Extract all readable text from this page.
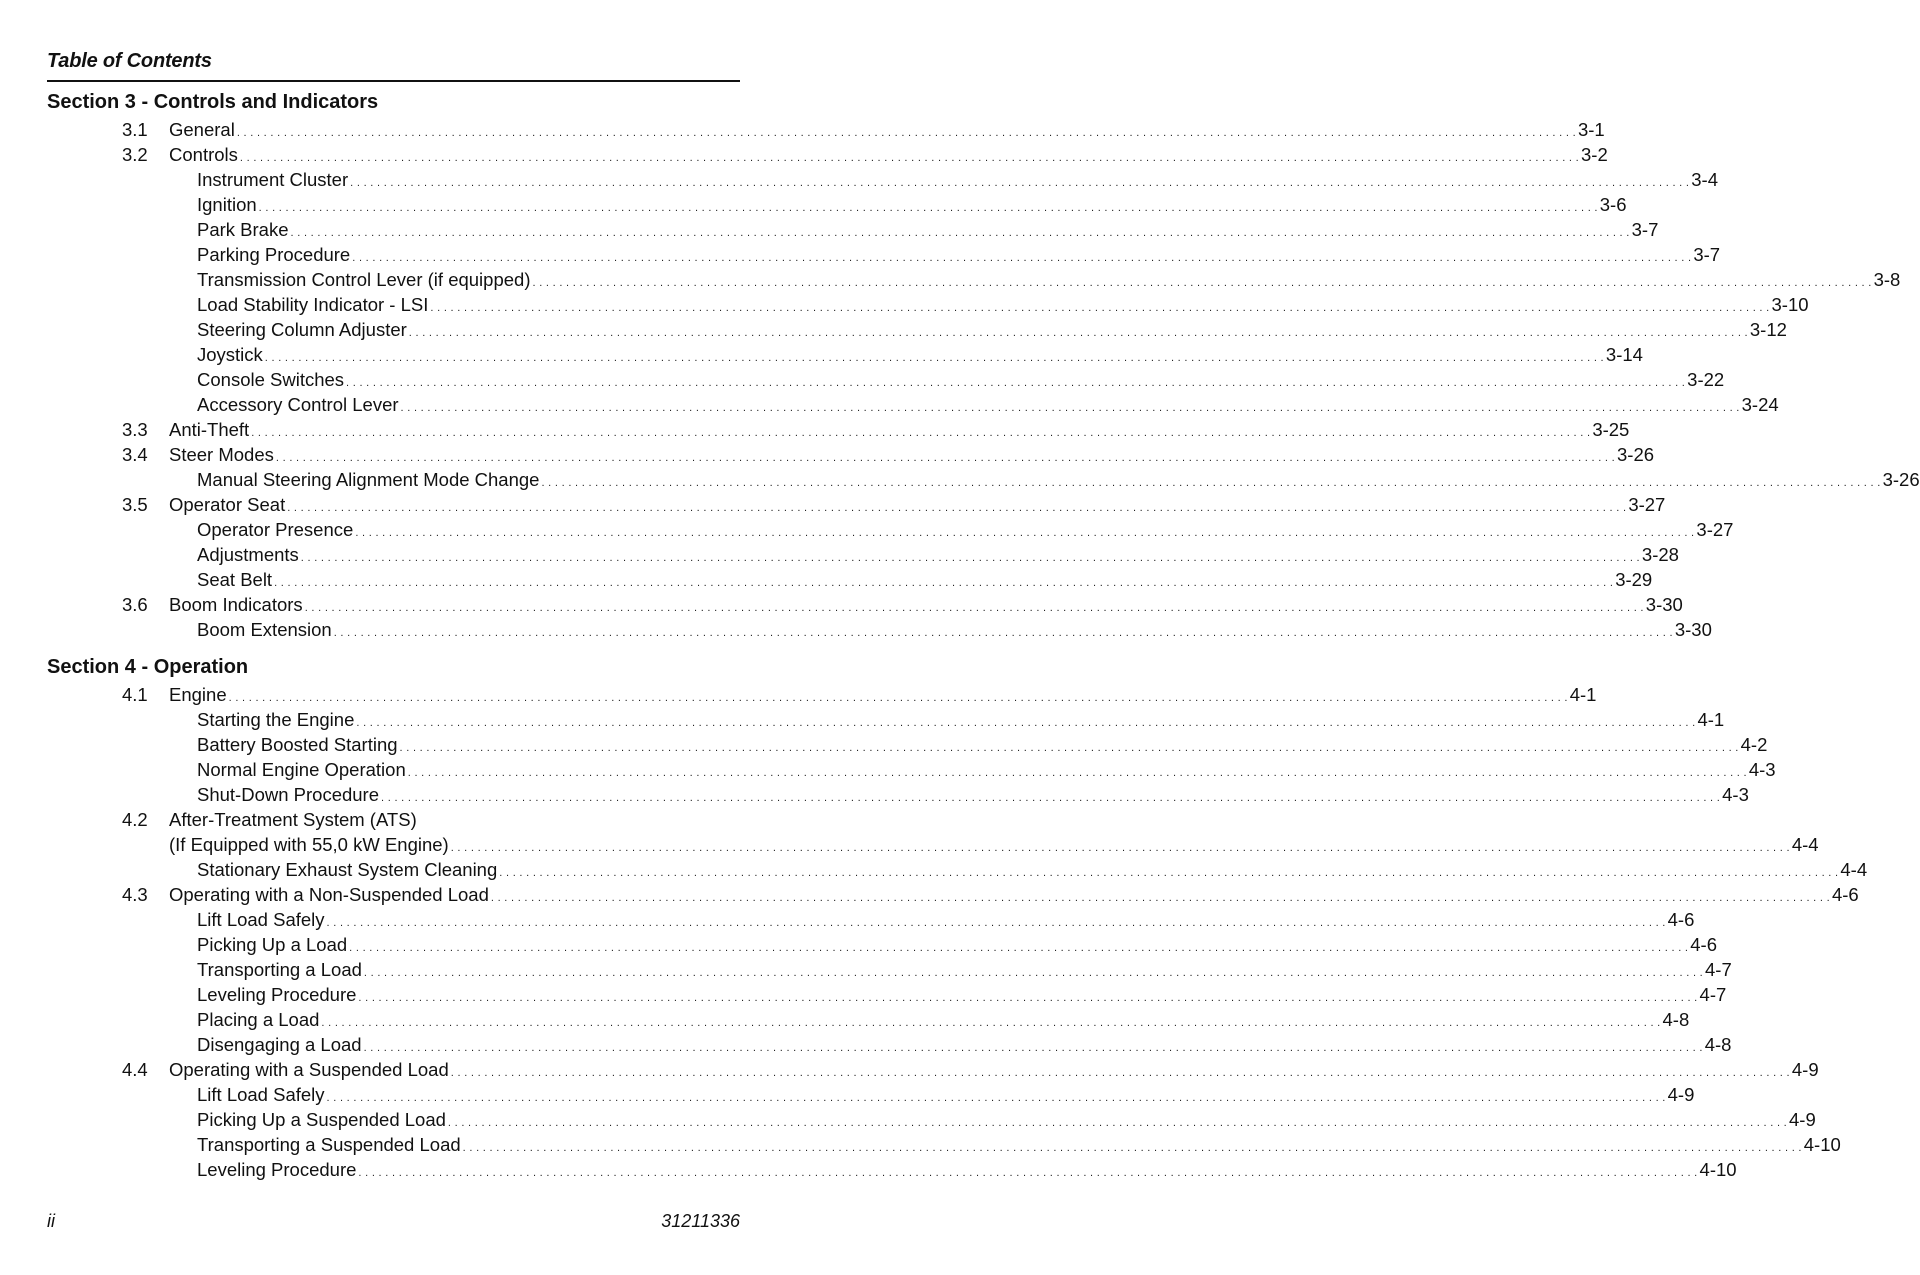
Table of Contents
Section 3 - Controls and Indicators
3.1 General . . . . . . . . . . . . . . . . . . . . . . . . . . . . . . . . . . . . . . . . . . . . . . . . . . . . . . . . . . . . . . . . . . . . . . . . . . . . . . . . . . . . . . . . . . . . . . . . . . . . . . . . . . . . . . . . . . . . . . . . . . . . . . . . . . . . . . . . . . . . . . . . . . . . . . . . . . . . . . . . . . . . . . . . . . . . . . . . . . . . . . . . . . . . . . . . . . . . . . . . 3-1
3.2 Controls . . . . . . . . . . . . . . . . . . . . . . . . . . . . . . . . . . . . . . . . . . . . . . . . . . . . . . . . . . . . . . . . . . . . . . . . . . . . . . . . . . . . . . . . . . . . . . . . . . . . . . . . . . . . . . . . . . . . . . . . . . . . . . . . . . . . . . . . . . . . . . . . . . . . . . . . . . . . . . . . . . . . . . . . . . . . . . . . . . . . . . . . . . . . . . . . . . . . . . . . 3-2
Instrument Cluster . . . . . . . . . . . . . . . . . . . . . . . . . . . . . . . . . . . . . . . . . . . . . . . . . . . . . . . . . . . . . . . . . . . . . . . . . . . . . . . . . . . . . . . . . . . . . . . . . . . . . . . . . . . . . . . . . . . . . . . . . . . . . . . . . . . . . . . . . . . . . . . . . . . . . . . . . . . . . . . . . . . . . . . . . . . . . . . . . . . . . . . . . . . . . . . . . . . . . . . . 3-4
Ignition . . . . . . . . . . . . . . . . . . . . . . . . . . . . . . . . . . . . . . . . . . . . . . . . . . . . . . . . . . . . . . . . . . . . . . . . . . . . . . . . . . . . . . . . . . . . . . . . . . . . . . . . . . . . . . . . . . . . . . . . . . . . . . . . . . . . . . . . . . . . . . . . . . . . . . . . . . . . . . . . . . . . . . . . . . . . . . . . . . . . . . . . . . . . . . . . . . . . . . . . 3-6
Park Brake . . . . . . . . . . . . . . . . . . . . . . . . . . . . . . . . . . . . . . . . . . . . . . . . . . . . . . . . . . . . . . . . . . . . . . . . . . . . . . . . . . . . . . . . . . . . . . . . . . . . . . . . . . . . . . . . . . . . . . . . . . . . . . . . . . . . . . . . . . . . . . . . . . . . . . . . . . . . . . . . . . . . . . . . . . . . . . . . . . . . . . . . . . . . . . . . . . . . . . . . 3-7
Parking Procedure . . . . . . . . . . . . . . . . . . . . . . . . . . . . . . . . . . . . . . . . . . . . . . . . . . . . . . . . . . . . . . . . . . . . . . . . . . . . . . . . . . . . . . . . . . . . . . . . . . . . . . . . . . . . . . . . . . . . . . . . . . . . . . . . . . . . . . . . . . . . . . . . . . . . . . . . . . . . . . . . . . . . . . . . . . . . . . . . . . . . . . . . . . . . . . . . . . . . . . . . 3-7
Transmission Control Lever (if equipped) . . . . . . . . . . . . . . . . . . . . . . . . . . . . . . . . . . . . . . . . . . . . . . . . . . . . . . . . . . . . . . . . . . . . . . . . . . . . . . . . . . . . . . . . . . . . . . . . . . . . . . . . . . . . . . . . . . . . . . . . . . . . . . . . . . . . . . . . . . . . . . . . . . . . . . . . . . . . . . . . . . . . . . . . . . . . . . . . . . . . . . . . . . . . . . . . . . . . . . . . 3-8
Load Stability Indicator - LSI . . . . . . . . . . . . . . . . . . . . . . . . . . . . . . . . . . . . . . . . . . . . . . . . . . . . . . . . . . . . . . . . . . . . . . . . . . . . . . . . . . . . . . . . . . . . . . . . . . . . . . . . . . . . . . . . . . . . . . . . . . . . . . . . . . . . . . . . . . . . . . . . . . . . . . . . . . . . . . . . . . . . . . . . . . . . . . . . . . . . . . . . . . . . . . . . . . . . . . . . 3-10
Steering Column Adjuster . . . . . . . . . . . . . . . . . . . . . . . . . . . . . . . . . . . . . . . . . . . . . . . . . . . . . . . . . . . . . . . . . . . . . . . . . . . . . . . . . . . . . . . . . . . . . . . . . . . . . . . . . . . . . . . . . . . . . . . . . . . . . . . . . . . . . . . . . . . . . . . . . . . . . . . . . . . . . . . . . . . . . . . . . . . . . . . . . . . . . . . . . . . . . . . . . . . . . . . . 3-12
Joystick . . . . . . . . . . . . . . . . . . . . . . . . . . . . . . . . . . . . . . . . . . . . . . . . . . . . . . . . . . . . . . . . . . . . . . . . . . . . . . . . . . . . . . . . . . . . . . . . . . . . . . . . . . . . . . . . . . . . . . . . . . . . . . . . . . . . . . . . . . . . . . . . . . . . . . . . . . . . . . . . . . . . . . . . . . . . . . . . . . . . . . . . . . . . . . . . . . . . . . . . 3-14
Console Switches . . . . . . . . . . . . . . . . . . . . . . . . . . . . . . . . . . . . . . . . . . . . . . . . . . . . . . . . . . . . . . . . . . . . . . . . . . . . . . . . . . . . . . . . . . . . . . . . . . . . . . . . . . . . . . . . . . . . . . . . . . . . . . . . . . . . . . . . . . . . . . . . . . . . . . . . . . . . . . . . . . . . . . . . . . . . . . . . . . . . . . . . . . . . . . . . . . . . . . . . 3-22
Accessory Control Lever . . . . . . . . . . . . . . . . . . . . . . . . . . . . . . . . . . . . . . . . . . . . . . . . . . . . . . . . . . . . . . . . . . . . . . . . . . . . . . . . . . . . . . . . . . . . . . . . . . . . . . . . . . . . . . . . . . . . . . . . . . . . . . . . . . . . . . . . . . . . . . . . . . . . . . . . . . . . . . . . . . . . . . . . . . . . . . . . . . . . . . . . . . . . . . . . . . . . . . . . 3-24
3.3 Anti-Theft . . . . . . . . . . . . . . . . . . . . . . . . . . . . . . . . . . . . . . . . . . . . . . . . . . . . . . . . . . . . . . . . . . . . . . . . . . . . . . . . . . . . . . . . . . . . . . . . . . . . . . . . . . . . . . . . . . . . . . . . . . . . . . . . . . . . . . . . . . . . . . . . . . . . . . . . . . . . . . . . . . . . . . . . . . . . . . . . . . . . . . . . . . . . . . . . . . . . . . . . 3-25
3.4 Steer Modes . . . . . . . . . . . . . . . . . . . . . . . . . . . . . . . . . . . . . . . . . . . . . . . . . . . . . . . . . . . . . . . . . . . . . . . . . . . . . . . . . . . . . . . . . . . . . . . . . . . . . . . . . . . . . . . . . . . . . . . . . . . . . . . . . . . . . . . . . . . . . . . . . . . . . . . . . . . . . . . . . . . . . . . . . . . . . . . . . . . . . . . . . . . . . . . . . . . . . . . . 3-26
Manual Steering Alignment Mode Change . . . . . . . . . . . . . . . . . . . . . . . . . . . . . . . . . . . . . . . . . . . . . . . . . . . . . . . . . . . . . . . . . . . . . . . . . . . . . . . . . . . . . . . . . . . . . . . . . . . . . . . . . . . . . . . . . . . . . . . . . . . . . . . . . . . . . . . . . . . . . . . . . . . . . . . . . . . . . . . . . . . . . . . . . . . . . . . . . . . . . . . . . . . . . . . . . . . . . . . . 3-26
3.5 Operator Seat . . . . . . . . . . . . . . . . . . . . . . . . . . . . . . . . . . . . . . . . . . . . . . . . . . . . . . . . . . . . . . . . . . . . . . . . . . . . . . . . . . . . . . . . . . . . . . . . . . . . . . . . . . . . . . . . . . . . . . . . . . . . . . . . . . . . . . . . . . . . . . . . . . . . . . . . . . . . . . . . . . . . . . . . . . . . . . . . . . . . . . . . . . . . . . . . . . . . . . . . 3-27
Operator Presence . . . . . . . . . . . . . . . . . . . . . . . . . . . . . . . . . . . . . . . . . . . . . . . . . . . . . . . . . . . . . . . . . . . . . . . . . . . . . . . . . . . . . . . . . . . . . . . . . . . . . . . . . . . . . . . . . . . . . . . . . . . . . . . . . . . . . . . . . . . . . . . . . . . . . . . . . . . . . . . . . . . . . . . . . . . . . . . . . . . . . . . . . . . . . . . . . . . . . . . . 3-27
Adjustments . . . . . . . . . . . . . . . . . . . . . . . . . . . . . . . . . . . . . . . . . . . . . . . . . . . . . . . . . . . . . . . . . . . . . . . . . . . . . . . . . . . . . . . . . . . . . . . . . . . . . . . . . . . . . . . . . . . . . . . . . . . . . . . . . . . . . . . . . . . . . . . . . . . . . . . . . . . . . . . . . . . . . . . . . . . . . . . . . . . . . . . . . . . . . . . . . . . . . . . . 3-28
Seat Belt . . . . . . . . . . . . . . . . . . . . . . . . . . . . . . . . . . . . . . . . . . . . . . . . . . . . . . . . . . . . . . . . . . . . . . . . . . . . . . . . . . . . . . . . . . . . . . . . . . . . . . . . . . . . . . . . . . . . . . . . . . . . . . . . . . . . . . . . . . . . . . . . . . . . . . . . . . . . . . . . . . . . . . . . . . . . . . . . . . . . . . . . . . . . . . . . . . . . . . . . 3-29
3.6 Boom Indicators . . . . . . . . . . . . . . . . . . . . . . . . . . . . . . . . . . . . . . . . . . . . . . . . . . . . . . . . . . . . . . . . . . . . . . . . . . . . . . . . . . . . . . . . . . . . . . . . . . . . . . . . . . . . . . . . . . . . . . . . . . . . . . . . . . . . . . . . . . . . . . . . . . . . . . . . . . . . . . . . . . . . . . . . . . . . . . . . . . . . . . . . . . . . . . . . . . . . . . . . 3-30
Boom Extension . . . . . . . . . . . . . . . . . . . . . . . . . . . . . . . . . . . . . . . . . . . . . . . . . . . . . . . . . . . . . . . . . . . . . . . . . . . . . . . . . . . . . . . . . . . . . . . . . . . . . . . . . . . . . . . . . . . . . . . . . . . . . . . . . . . . . . . . . . . . . . . . . . . . . . . . . . . . . . . . . . . . . . . . . . . . . . . . . . . . . . . . . . . . . . . . . . . . . . . . 3-30
Section 4 - Operation
4.1 Engine . . . . . . . . . . . . . . . . . . . . . . . . . . . . . . . . . . . . . . . . . . . . . . . . . . . . . . . . . . . . . . . . . . . . . . . . . . . . . . . . . . . . . . . . . . . . . . . . . . . . . . . . . . . . . . . . . . . . . . . . . . . . . . . . . . . . . . . . . . . . . . . . . . . . . . . . . . . . . . . . . . . . . . . . . . . . . . . . . . . . . . . . . . . . . . . . . . . . . . . . 4-1
Starting the Engine . . . . . . . . . . . . . . . . . . . . . . . . . . . . . . . . . . . . . . . . . . . . . . . . . . . . . . . . . . . . . . . . . . . . . . . . . . . . . . . . . . . . . . . . . . . . . . . . . . . . . . . . . . . . . . . . . . . . . . . . . . . . . . . . . . . . . . . . . . . . . . . . . . . . . . . . . . . . . . . . . . . . . . . . . . . . . . . . . . . . . . . . . . . . . . . . . . . . . . . . 4-1
Battery Boosted Starting . . . . . . . . . . . . . . . . . . . . . . . . . . . . . . . . . . . . . . . . . . . . . . . . . . . . . . . . . . . . . . . . . . . . . . . . . . . . . . . . . . . . . . . . . . . . . . . . . . . . . . . . . . . . . . . . . . . . . . . . . . . . . . . . . . . . . . . . . . . . . . . . . . . . . . . . . . . . . . . . . . . . . . . . . . . . . . . . . . . . . . . . . . . . . . . . . . . . . . . . 4-2
Normal Engine Operation . . . . . . . . . . . . . . . . . . . . . . . . . . . . . . . . . . . . . . . . . . . . . . . . . . . . . . . . . . . . . . . . . . . . . . . . . . . . . . . . . . . . . . . . . . . . . . . . . . . . . . . . . . . . . . . . . . . . . . . . . . . . . . . . . . . . . . . . . . . . . . . . . . . . . . . . . . . . . . . . . . . . . . . . . . . . . . . . . . . . . . . . . . . . . . . . . . . . . . . . 4-3
Shut-Down Procedure . . . . . . . . . . . . . . . . . . . . . . . . . . . . . . . . . . . . . . . . . . . . . . . . . . . . . . . . . . . . . . . . . . . . . . . . . . . . . . . . . . . . . . . . . . . . . . . . . . . . . . . . . . . . . . . . . . . . . . . . . . . . . . . . . . . . . . . . . . . . . . . . . . . . . . . . . . . . . . . . . . . . . . . . . . . . . . . . . . . . . . . . . . . . . . . . . . . . . . . . 4-3
4.2 After-Treatment System (ATS)
(If Equipped with 55,0 kW Engine) . . . . . . . . . . . . . . . . . . . . . . . . . . . . . . . . . . . . . . . . . . . . . . . . . . . . . . . . . . . . . . . . . . . . . . . . . . . . . . . . . . . . . . . . . . . . . . . . . . . . . . . . . . . . . . . . . . . . . . . . . . . . . . . . . . . . . . . . . . . . . . . . . . . . . . . . . . . . . . . . . . . . . . . . . . . . . . . . . . . . . . . . . . . . . . . . . . . . . . . . 4-4
Stationary Exhaust System Cleaning . . . . . . . . . . . . . . . . . . . . . . . . . . . . . . . . . . . . . . . . . . . . . . . . . . . . . . . . . . . . . . . . . . . . . . . . . . . . . . . . . . . . . . . . . . . . . . . . . . . . . . . . . . . . . . . . . . . . . . . . . . . . . . . . . . . . . . . . . . . . . . . . . . . . . . . . . . . . . . . . . . . . . . . . . . . . . . . . . . . . . . . . . . . . . . . . . . . . . . . . 4-4
4.3 Operating with a Non-Suspended Load . . . . . . . . . . . . . . . . . . . . . . . . . . . . . . . . . . . . . . . . . . . . . . . . . . . . . . . . . . . . . . . . . . . . . . . . . . . . . . . . . . . . . . . . . . . . . . . . . . . . . . . . . . . . . . . . . . . . . . . . . . . . . . . . . . . . . . . . . . . . . . . . . . . . . . . . . . . . . . . . . . . . . . . . . . . . . . . . . . . . . . . . . . . . . . . . . . . . . . . . 4-6
Lift Load Safely . . . . . . . . . . . . . . . . . . . . . . . . . . . . . . . . . . . . . . . . . . . . . . . . . . . . . . . . . . . . . . . . . . . . . . . . . . . . . . . . . . . . . . . . . . . . . . . . . . . . . . . . . . . . . . . . . . . . . . . . . . . . . . . . . . . . . . . . . . . . . . . . . . . . . . . . . . . . . . . . . . . . . . . . . . . . . . . . . . . . . . . . . . . . . . . . . . . . . . . . 4-6
Picking Up a Load . . . . . . . . . . . . . . . . . . . . . . . . . . . . . . . . . . . . . . . . . . . . . . . . . . . . . . . . . . . . . . . . . . . . . . . . . . . . . . . . . . . . . . . . . . . . . . . . . . . . . . . . . . . . . . . . . . . . . . . . . . . . . . . . . . . . . . . . . . . . . . . . . . . . . . . . . . . . . . . . . . . . . . . . . . . . . . . . . . . . . . . . . . . . . . . . . . . . . . . . 4-6
Transporting a Load . . . . . . . . . . . . . . . . . . . . . . . . . . . . . . . . . . . . . . . . . . . . . . . . . . . . . . . . . . . . . . . . . . . . . . . . . . . . . . . . . . . . . . . . . . . . . . . . . . . . . . . . . . . . . . . . . . . . . . . . . . . . . . . . . . . . . . . . . . . . . . . . . . . . . . . . . . . . . . . . . . . . . . . . . . . . . . . . . . . . . . . . . . . . . . . . . . . . . . . . 4-7
Leveling Procedure . . . . . . . . . . . . . . . . . . . . . . . . . . . . . . . . . . . . . . . . . . . . . . . . . . . . . . . . . . . . . . . . . . . . . . . . . . . . . . . . . . . . . . . . . . . . . . . . . . . . . . . . . . . . . . . . . . . . . . . . . . . . . . . . . . . . . . . . . . . . . . . . . . . . . . . . . . . . . . . . . . . . . . . . . . . . . . . . . . . . . . . . . . . . . . . . . . . . . . . . 4-7
Placing a Load . . . . . . . . . . . . . . . . . . . . . . . . . . . . . . . . . . . . . . . . . . . . . . . . . . . . . . . . . . . . . . . . . . . . . . . . . . . . . . . . . . . . . . . . . . . . . . . . . . . . . . . . . . . . . . . . . . . . . . . . . . . . . . . . . . . . . . . . . . . . . . . . . . . . . . . . . . . . . . . . . . . . . . . . . . . . . . . . . . . . . . . . . . . . . . . . . . . . . . . . 4-8
Disengaging a Load . . . . . . . . . . . . . . . . . . . . . . . . . . . . . . . . . . . . . . . . . . . . . . . . . . . . . . . . . . . . . . . . . . . . . . . . . . . . . . . . . . . . . . . . . . . . . . . . . . . . . . . . . . . . . . . . . . . . . . . . . . . . . . . . . . . . . . . . . . . . . . . . . . . . . . . . . . . . . . . . . . . . . . . . . . . . . . . . . . . . . . . . . . . . . . . . . . . . . . . . 4-8
4.4 Operating with a Suspended Load . . . . . . . . . . . . . . . . . . . . . . . . . . . . . . . . . . . . . . . . . . . . . . . . . . . . . . . . . . . . . . . . . . . . . . . . . . . . . . . . . . . . . . . . . . . . . . . . . . . . . . . . . . . . . . . . . . . . . . . . . . . . . . . . . . . . . . . . . . . . . . . . . . . . . . . . . . . . . . . . . . . . . . . . . . . . . . . . . . . . . . . . . . . . . . . . . . . . . . . . 4-9
Lift Load Safely . . . . . . . . . . . . . . . . . . . . . . . . . . . . . . . . . . . . . . . . . . . . . . . . . . . . . . . . . . . . . . . . . . . . . . . . . . . . . . . . . . . . . . . . . . . . . . . . . . . . . . . . . . . . . . . . . . . . . . . . . . . . . . . . . . . . . . . . . . . . . . . . . . . . . . . . . . . . . . . . . . . . . . . . . . . . . . . . . . . . . . . . . . . . . . . . . . . . . . . . 4-9
Picking Up a Suspended Load . . . . . . . . . . . . . . . . . . . . . . . . . . . . . . . . . . . . . . . . . . . . . . . . . . . . . . . . . . . . . . . . . . . . . . . . . . . . . . . . . . . . . . . . . . . . . . . . . . . . . . . . . . . . . . . . . . . . . . . . . . . . . . . . . . . . . . . . . . . . . . . . . . . . . . . . . . . . . . . . . . . . . . . . . . . . . . . . . . . . . . . . . . . . . . . . . . . . . . . . 4-9
Transporting a Suspended Load . . . . . . . . . . . . . . . . . . . . . . . . . . . . . . . . . . . . . . . . . . . . . . . . . . . . . . . . . . . . . . . . . . . . . . . . . . . . . . . . . . . . . . . . . . . . . . . . . . . . . . . . . . . . . . . . . . . . . . . . . . . . . . . . . . . . . . . . . . . . . . . . . . . . . . . . . . . . . . . . . . . . . . . . . . . . . . . . . . . . . . . . . . . . . . . . . . . . . . . . 4-10
Leveling Procedure . . . . . . . . . . . . . . . . . . . . . . . . . . . . . . . . . . . . . . . . . . . . . . . . . . . . . . . . . . . . . . . . . . . . . . . . . . . . . . . . . . . . . . . . . . . . . . . . . . . . . . . . . . . . . . . . . . . . . . . . . . . . . . . . . . . . . . . . . . . . . . . . . . . . . . . . . . . . . . . . . . . . . . . . . . . . . . . . . . . . . . . . . . . . . . . . . . . . . . . . 4-10
ii	31211336
